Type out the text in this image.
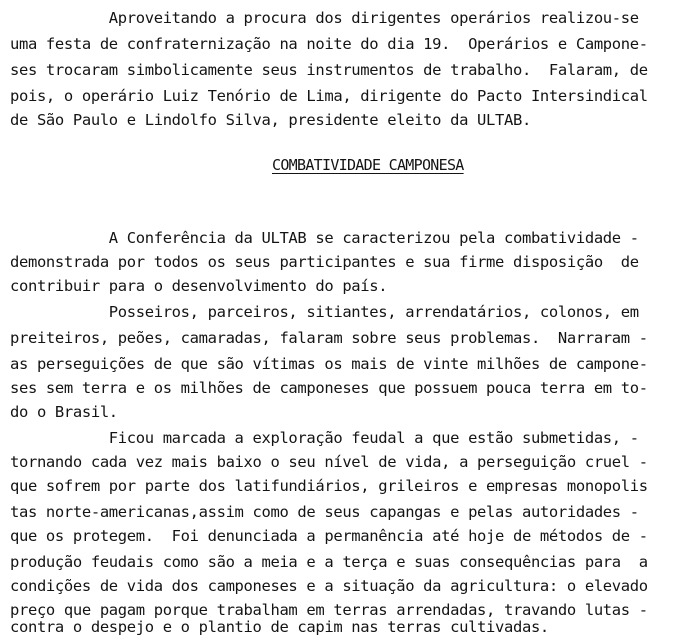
Aproveitando a procura dos dirigentes operários realizou-se
uma festa de confraternização na noite do dia 19.  Operários e Campone-
ses trocaram simbolicamente seus instrumentos de trabalho.  Falaram, de
pois, o operário Luiz Tenório de Lima, dirigente do Pacto Intersindical
de São Paulo e Lindolfo Silva, presidente eleito da ULTAB.
COMBATIVIDADE CAMPONESA
A Conferência da ULTAB se caracterizou pela combatividade -
demonstrada por todos os seus participantes e sua firme disposição  de
contribuir para o desenvolvimento do país.
Posseiros, parceiros, sitiantes, arrendatários, colonos, em
preiteiros, peões, camaradas, falaram sobre seus problemas.  Narraram -
as perseguições de que são vítimas os mais de vinte milhões de campone-
ses sem terra e os milhões de camponeses que possuem pouca terra em to-
do o Brasil.
Ficou marcada a exploração feudal a que estão submetidas, -
tornando cada vez mais baixo o seu nível de vida, a perseguição cruel -
que sofrem por parte dos latifundiários, grileiros e empresas monopolis
tas norte-americanas,assim como de seus capangas e pelas autoridades -
que os protegem.  Foi denunciada a permanência até hoje de métodos de -
produção feudais como são a meia e a terça e suas consequências para  a
condições de vida dos camponeses e a situação da agricultura: o elevado
preço que pagam porque trabalham em terras arrendadas, travando lutas -
contra o despejo e o plantio de capim nas terras cultivadas.
